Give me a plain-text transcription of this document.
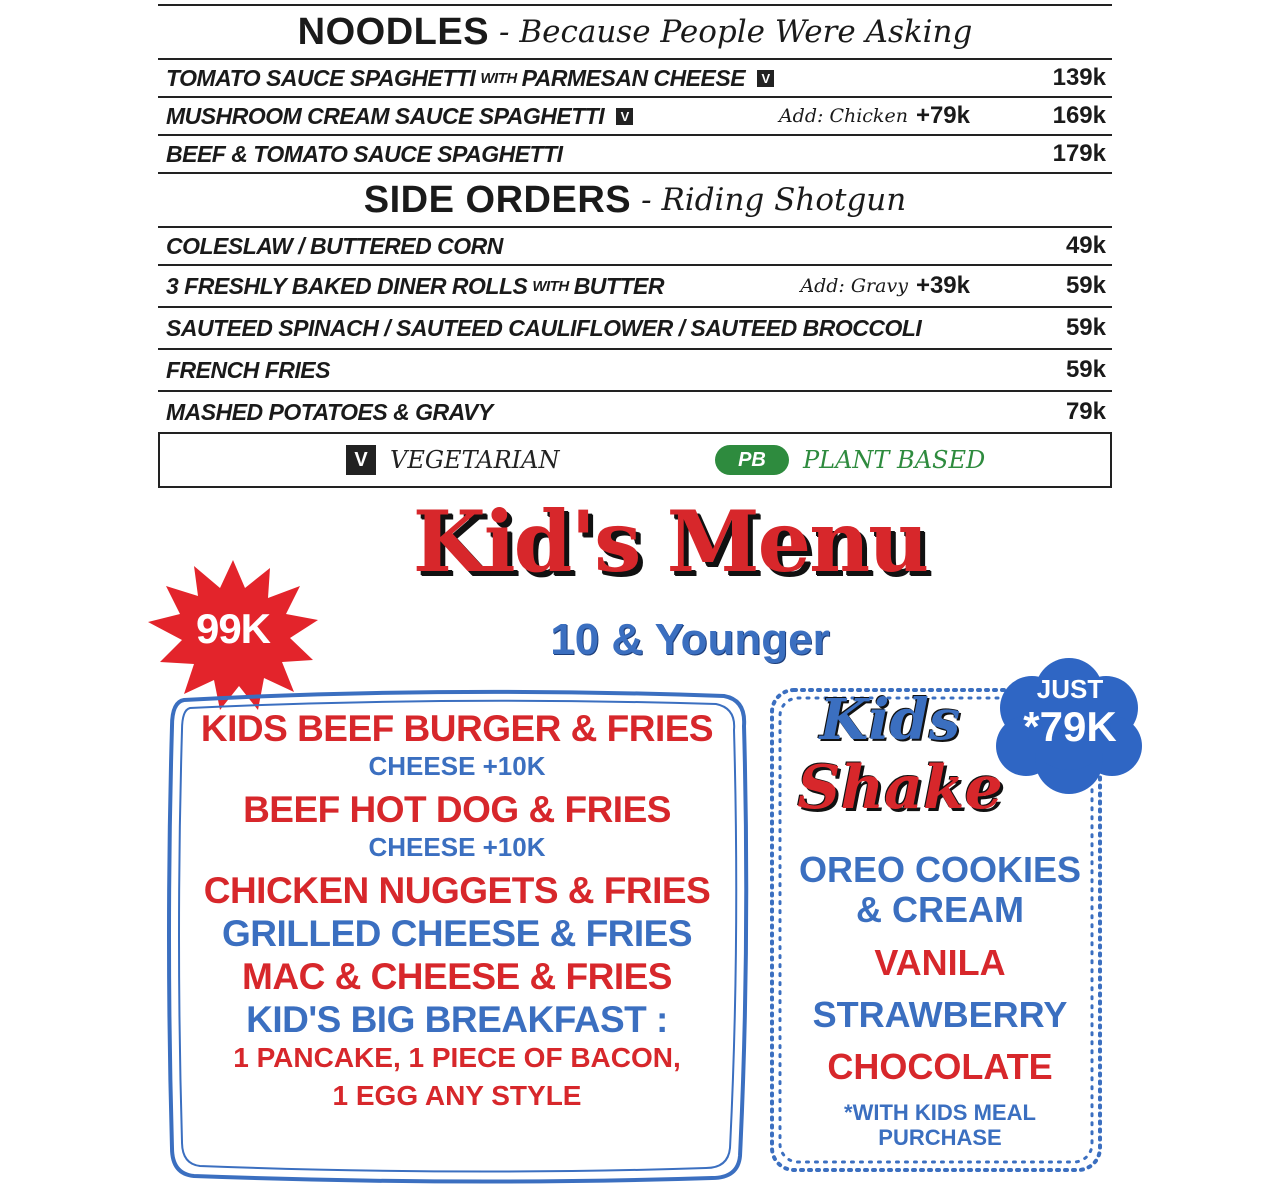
NOODLES - Because People Were Asking
TOMATO SAUCE SPAGHETTI WITH PARMESAN CHEESE	V	139k
MUSHROOM CREAM SAUCE SPAGHETTI	V	Add: Chicken +79k	169k
BEEF & TOMATO SAUCE SPAGHETTI	179k
SIDE ORDERS - Riding Shotgun
COLESLAW / BUTTERED CORN	49k
3 FRESHLY BAKED DINER ROLLS WITH BUTTER	Add: Gravy +39k	59k
SAUTEED SPINACH / SAUTEED CAULIFLOWER / SAUTEED BROCCOLI	59k
FRENCH FRIES	59k
MASHED POTATOES & GRAVY	79k
V VEGETARIAN	PB	PLANT BASED
Kid's Menu
10 & Younger
99K
KIDS BEEF BURGER & FRIES
CHEESE +10K
BEEF HOT DOG & FRIES
CHEESE +10K
CHICKEN NUGGETS & FRIES
GRILLED CHEESE & FRIES
MAC & CHEESE & FRIES
KID'S BIG BREAKFAST :
1 PANCAKE, 1 PIECE OF BACON,
1 EGG ANY STYLE
Kids
Shake
JUST
*79K
OREO COOKIES
& CREAM
VANILA
STRAWBERRY
CHOCOLATE
*WITH KIDS MEAL
PURCHASE
